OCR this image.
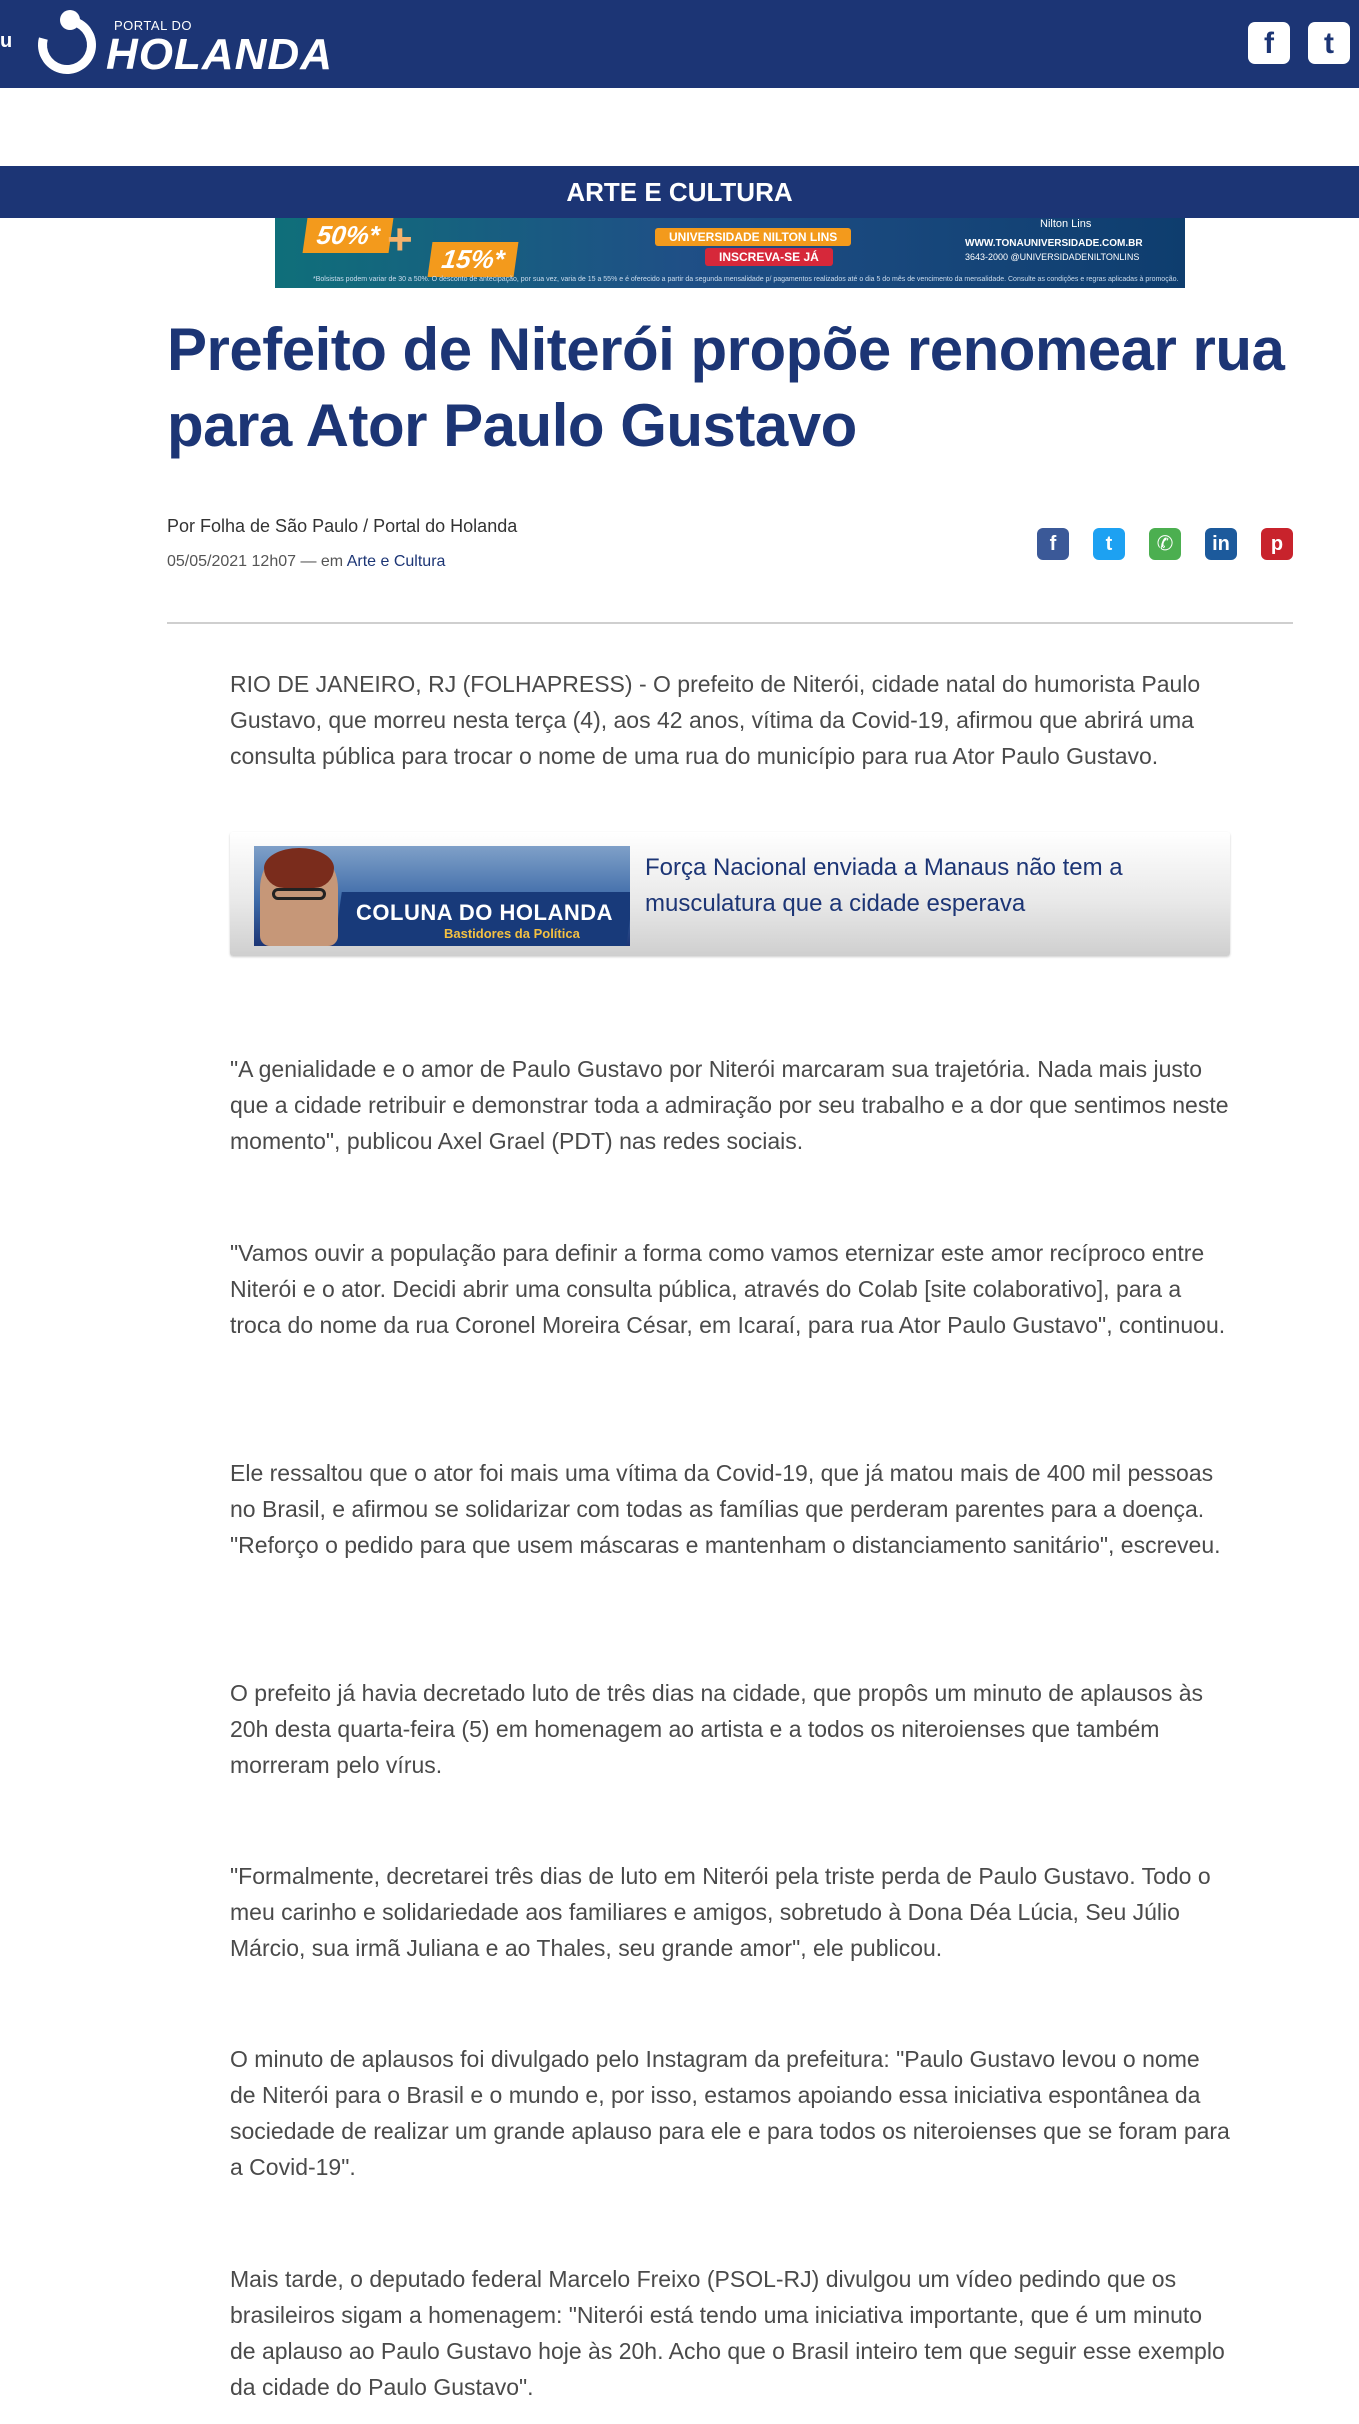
u
PORTAL DO
HOLANDA	f	t
ARTE E CULTURA
50%* +	15%*
UNIVERSIDADE NILTON LINS
INSCREVA-SE JÁ
Nilton Lins
WWW.TONAUNIVERSIDADE.COM.BR
3643-2000 @UNIVERSIDADENILTONLINS
*Bolsistas podem variar de 30 a 50%. O desconto de antecipação, por sua vez, varia de 15 a 55% e é oferecido a partir da segunda mensalidade p/ pagamentos realizados até o dia 5 do mês de vencimento da mensalidade. Consulte as condições e regras aplicadas à promoção.
Prefeito de Niterói propõe renomear rua para Ator Paulo Gustavo
Por Folha de São Paulo / Portal do Holanda
05/05/2021 12h07 — em Arte e Cultura
f	t	✆	in	p

RIO DE JANEIRO, RJ (FOLHAPRESS) - O prefeito de Niterói, cidade natal do humorista Paulo Gustavo, que morreu nesta terça (4), aos 42 anos, vítima da Covid-19, afirmou que abrirá uma consulta pública para trocar o nome de uma rua do município para rua Ator Paulo Gustavo.

COLUNA DO HOLANDA
Bastidores da Política
Força Nacional enviada a Manaus não tem a musculatura que a cidade esperava

"A genialidade e o amor de Paulo Gustavo por Niterói marcaram sua trajetória. Nada mais justo que a cidade retribuir e demonstrar toda a admiração por seu trabalho e a dor que sentimos neste momento", publicou Axel Grael (PDT) nas redes sociais.

"Vamos ouvir a população para definir a forma como vamos eternizar este amor recíproco entre Niterói e o ator. Decidi abrir uma consulta pública, através do Colab [site colaborativo], para a troca do nome da rua Coronel Moreira César, em Icaraí, para rua Ator Paulo Gustavo", continuou.

Ele ressaltou que o ator foi mais uma vítima da Covid-19, que já matou mais de 400 mil pessoas no Brasil, e afirmou se solidarizar com todas as famílias que perderam parentes para a doença. "Reforço o pedido para que usem máscaras e mantenham o distanciamento sanitário", escreveu.

O prefeito já havia decretado luto de três dias na cidade, que propôs um minuto de aplausos às 20h desta quarta-feira (5) em homenagem ao artista e a todos os niteroienses que também morreram pelo vírus.

"Formalmente, decretarei três dias de luto em Niterói pela triste perda de Paulo Gustavo. Todo o meu carinho e solidariedade aos familiares e amigos, sobretudo à Dona Déa Lúcia, Seu Júlio Márcio, sua irmã Juliana e ao Thales, seu grande amor", ele publicou.

O minuto de aplausos foi divulgado pelo Instagram da prefeitura: "Paulo Gustavo levou o nome de Niterói para o Brasil e o mundo e, por isso, estamos apoiando essa iniciativa espontânea da sociedade de realizar um grande aplauso para ele e para todos os niteroienses que se foram para a Covid-19".

Mais tarde, o deputado federal Marcelo Freixo (PSOL-RJ) divulgou um vídeo pedindo que os brasileiros sigam a homenagem: "Niterói está tendo uma iniciativa importante, que é um minuto de aplauso ao Paulo Gustavo hoje às 20h. Acho que o Brasil inteiro tem que seguir esse exemplo da cidade do Paulo Gustavo".
